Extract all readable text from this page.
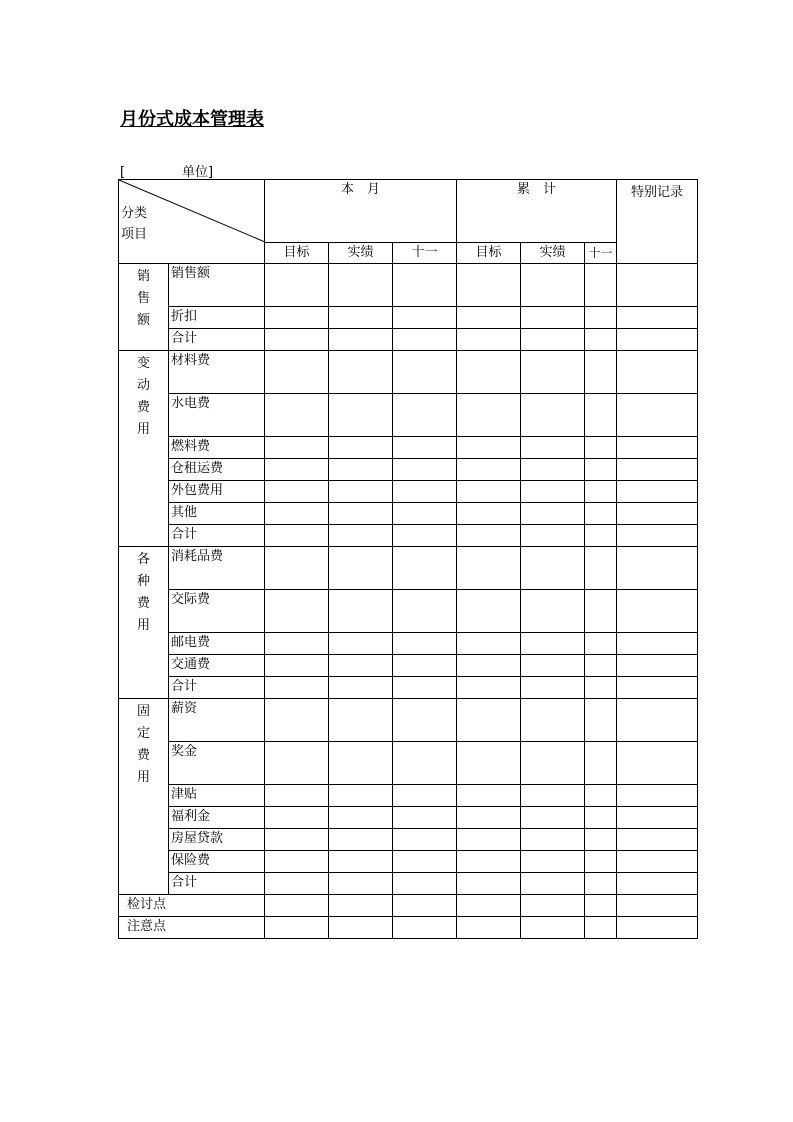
月份式成本管理表
[	单位]
分类
项目		本　月			累　计			特别记录
		目标	实绩	十一	目标	实绩	十一	

销售额	销售额							
	折扣							
	合计							

变动费用	材料费							
	水电费							
	燃料费							
	仓租运费							
	外包费用							
	其他							
	合计							

各种费用	消耗品费							
	交际费							
	邮电费							
	交通费							
	合计							

固定费用	薪资							
	奖金							
	津贴							
	福利金							
	房屋贷款							
	保险费							
	合计							
检讨点								
注意点								
